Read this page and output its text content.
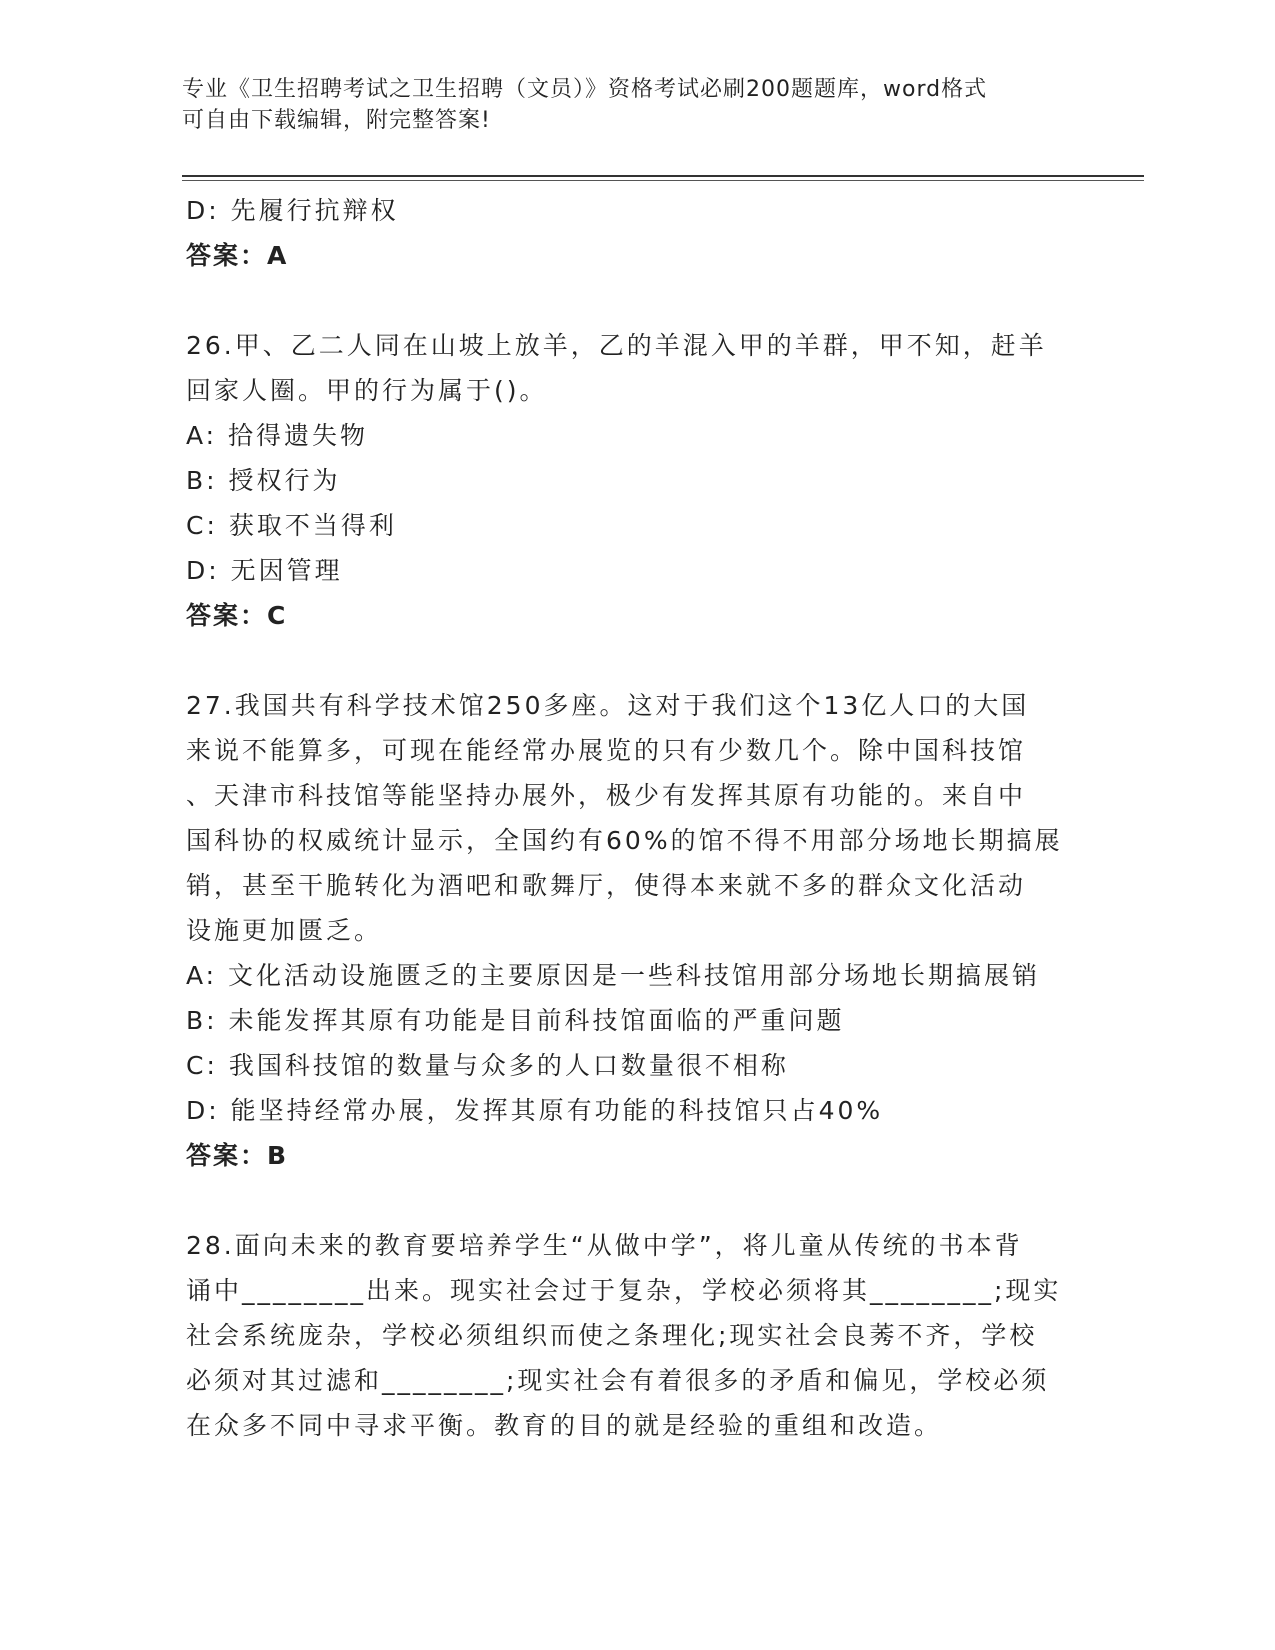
专业《卫生招聘考试之卫生招聘（文员）》资格考试必刷200题题库，word格式
可自由下载编辑，附完整答案!
D: 先履行抗辩权
答案：A
26.甲、乙二人同在山坡上放羊，乙的羊混入甲的羊群，甲不知，赶羊
回家人圈。甲的行为属于()。
A: 拾得遗失物
B: 授权行为
C: 获取不当得利
D: 无因管理
答案：C
27.我国共有科学技术馆250多座。这对于我们这个13亿人口的大国
来说不能算多，可现在能经常办展览的只有少数几个。除中国科技馆
、天津市科技馆等能坚持办展外，极少有发挥其原有功能的。来自中
国科协的权威统计显示，全国约有60%的馆不得不用部分场地长期搞展
销，甚至干脆转化为酒吧和歌舞厅，使得本来就不多的群众文化活动
设施更加匮乏。
A: 文化活动设施匮乏的主要原因是一些科技馆用部分场地长期搞展销
B: 未能发挥其原有功能是目前科技馆面临的严重问题
C: 我国科技馆的数量与众多的人口数量很不相称
D: 能坚持经常办展，发挥其原有功能的科技馆只占40%
答案：B
28.面向未来的教育要培养学生“从做中学”，将儿童从传统的书本背
诵中________出来。现实社会过于复杂，学校必须将其________;现实
社会系统庞杂，学校必须组织而使之条理化;现实社会良莠不齐，学校
必须对其过滤和________;现实社会有着很多的矛盾和偏见，学校必须
在众多不同中寻求平衡。教育的目的就是经验的重组和改造。
